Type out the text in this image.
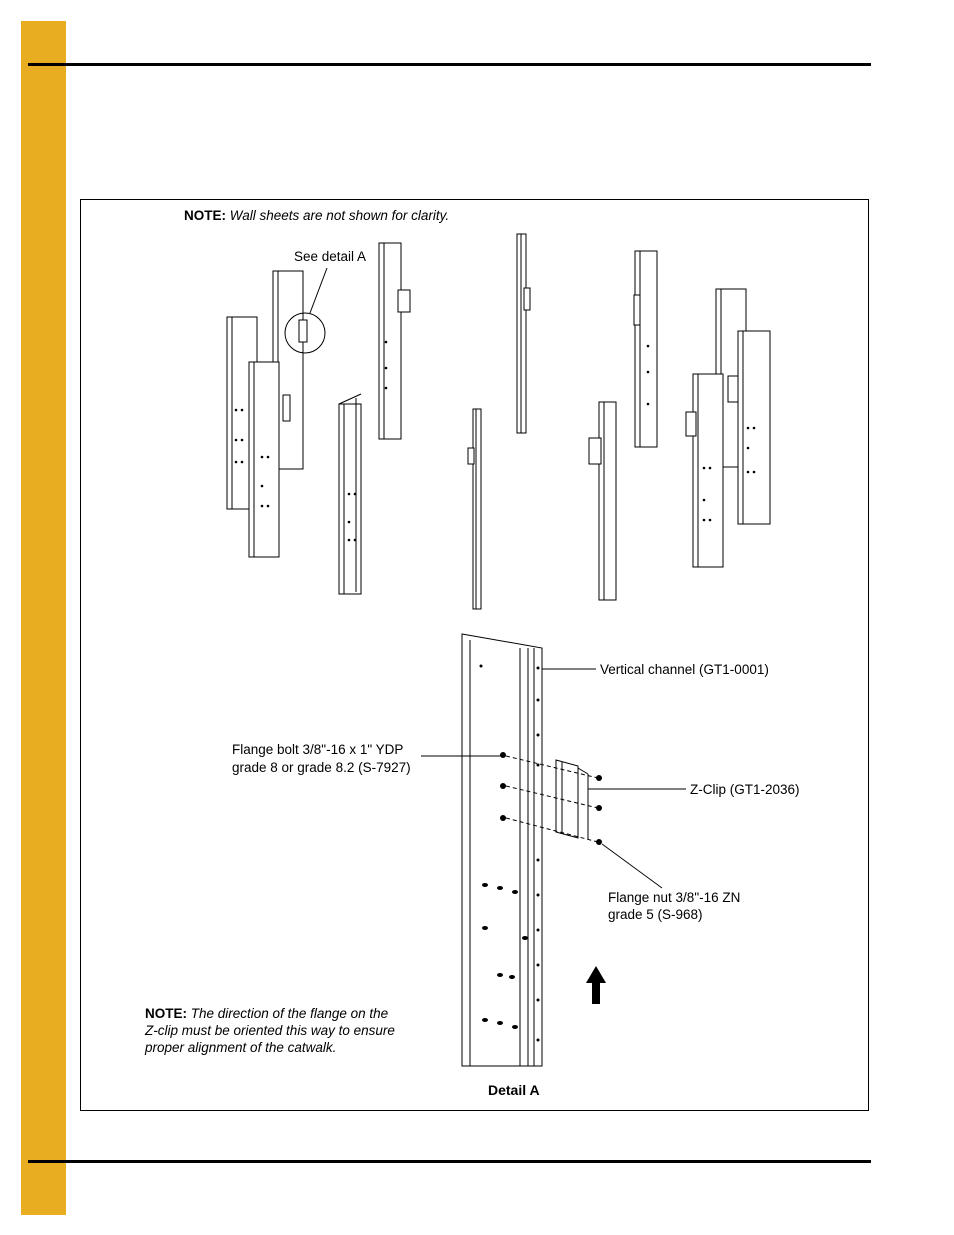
NOTE: Wall sheets are not shown for clarity.
See detail A
Vertical channel (GT1-0001)
Flange bolt 3/8"-16 x 1" YDP
grade 8 or grade 8.2 (S-7927)
Z-Clip (GT1-2036)
Flange nut 3/8"-16 ZN
grade 5 (S-968)
NOTE: The direction of the flange on the
Z-clip must be oriented this way to ensure
proper alignment of the catwalk.
Detail A
